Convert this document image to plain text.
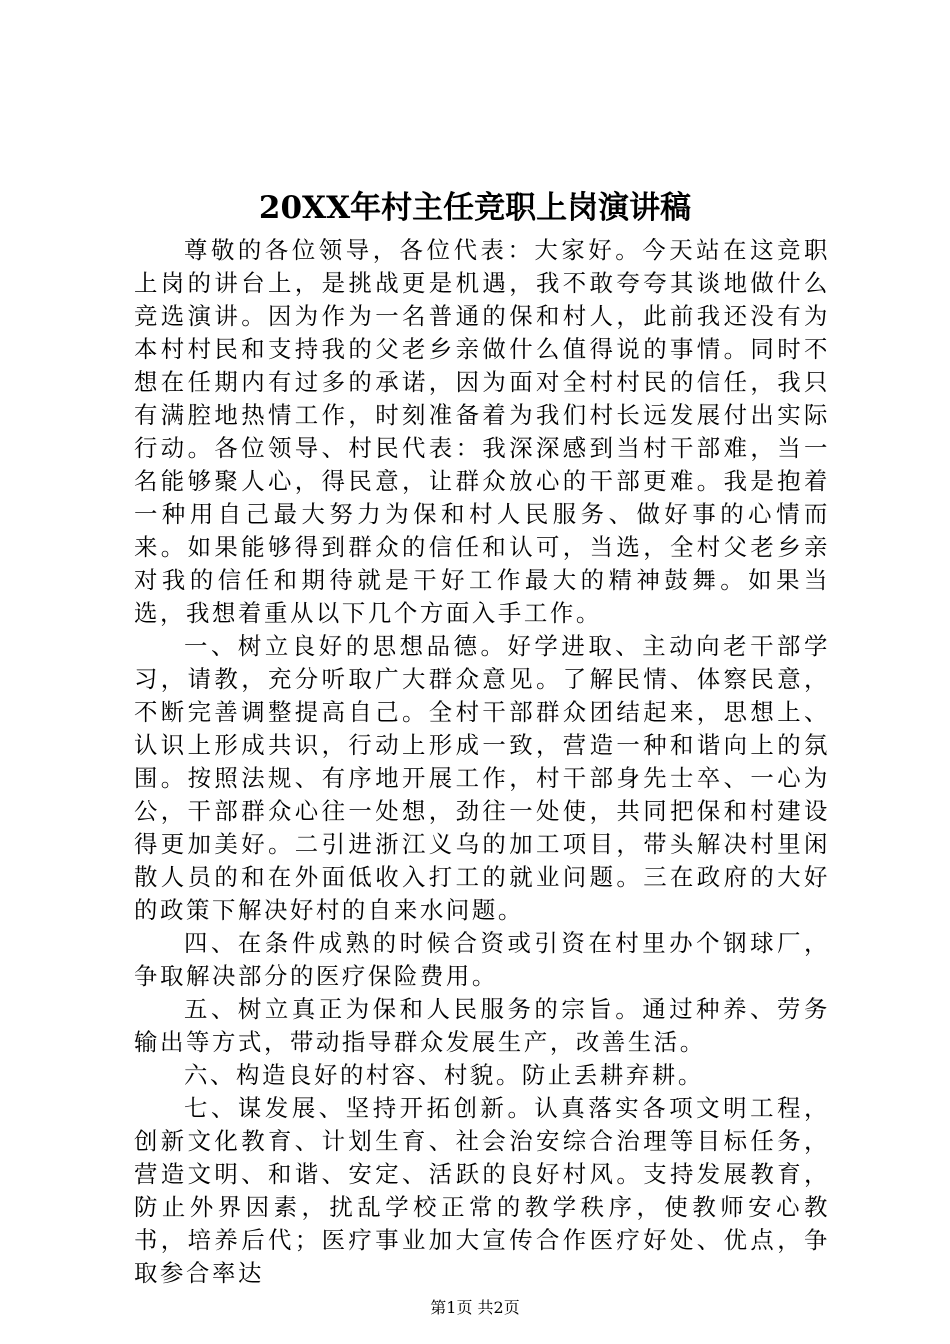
20XX年村主任竞职上岗演讲稿

尊敬的各位领导，各位代表：大家好。今天站在这竞职上岗的讲台上，是挑战更是机遇，我不敢夸夸其谈地做什么竞选演讲。因为作为一名普通的保和村人，此前我还没有为本村村民和支持我的父老乡亲做什么值得说的事情。同时不想在任期内有过多的承诺，因为面对全村村民的信任，我只有满腔地热情工作，时刻准备着为我们村长远发展付出实际行动。各位领导、村民代表：我深深感到当村干部难，当一名能够聚人心，得民意，让群众放心的干部更难。我是抱着一种用自己最大努力为保和村人民服务、做好事的心情而来。如果能够得到群众的信任和认可，当选，全村父老乡亲对我的信任和期待就是干好工作最大的精神鼓舞。如果当选，我想着重从以下几个方面入手工作。

一、树立良好的思想品德。好学进取、主动向老干部学习，请教，充分听取广大群众意见。了解民情、体察民意，不断完善调整提高自己。全村干部群众团结起来，思想上、认识上形成共识，行动上形成一致，营造一种和谐向上的氛围。按照法规、有序地开展工作，村干部身先士卒、一心为公，干部群众心往一处想，劲往一处使，共同把保和村建设得更加美好。二引进浙江义乌的加工项目，带头解决村里闲散人员的和在外面低收入打工的就业问题。三在政府的大好的政策下解决好村的自来水问题。

四、在条件成熟的时候合资或引资在村里办个钢球厂，争取解决部分的医疗保险费用。

五、树立真正为保和人民服务的宗旨。通过种养、劳务输出等方式，带动指导群众发展生产，改善生活。

六、构造良好的村容、村貌。防止丢耕弃耕。

七、谋发展、坚持开拓创新。认真落实各项文明工程，创新文化教育、计划生育、社会治安综合治理等目标任务，营造文明、和谐、安定、活跃的良好村风。支持发展教育，防止外界因素，扰乱学校正常的教学秩序，使教师安心教书，培养后代；医疗事业加大宣传合作医疗好处、优点，争取参合率达

第1页 共2页
